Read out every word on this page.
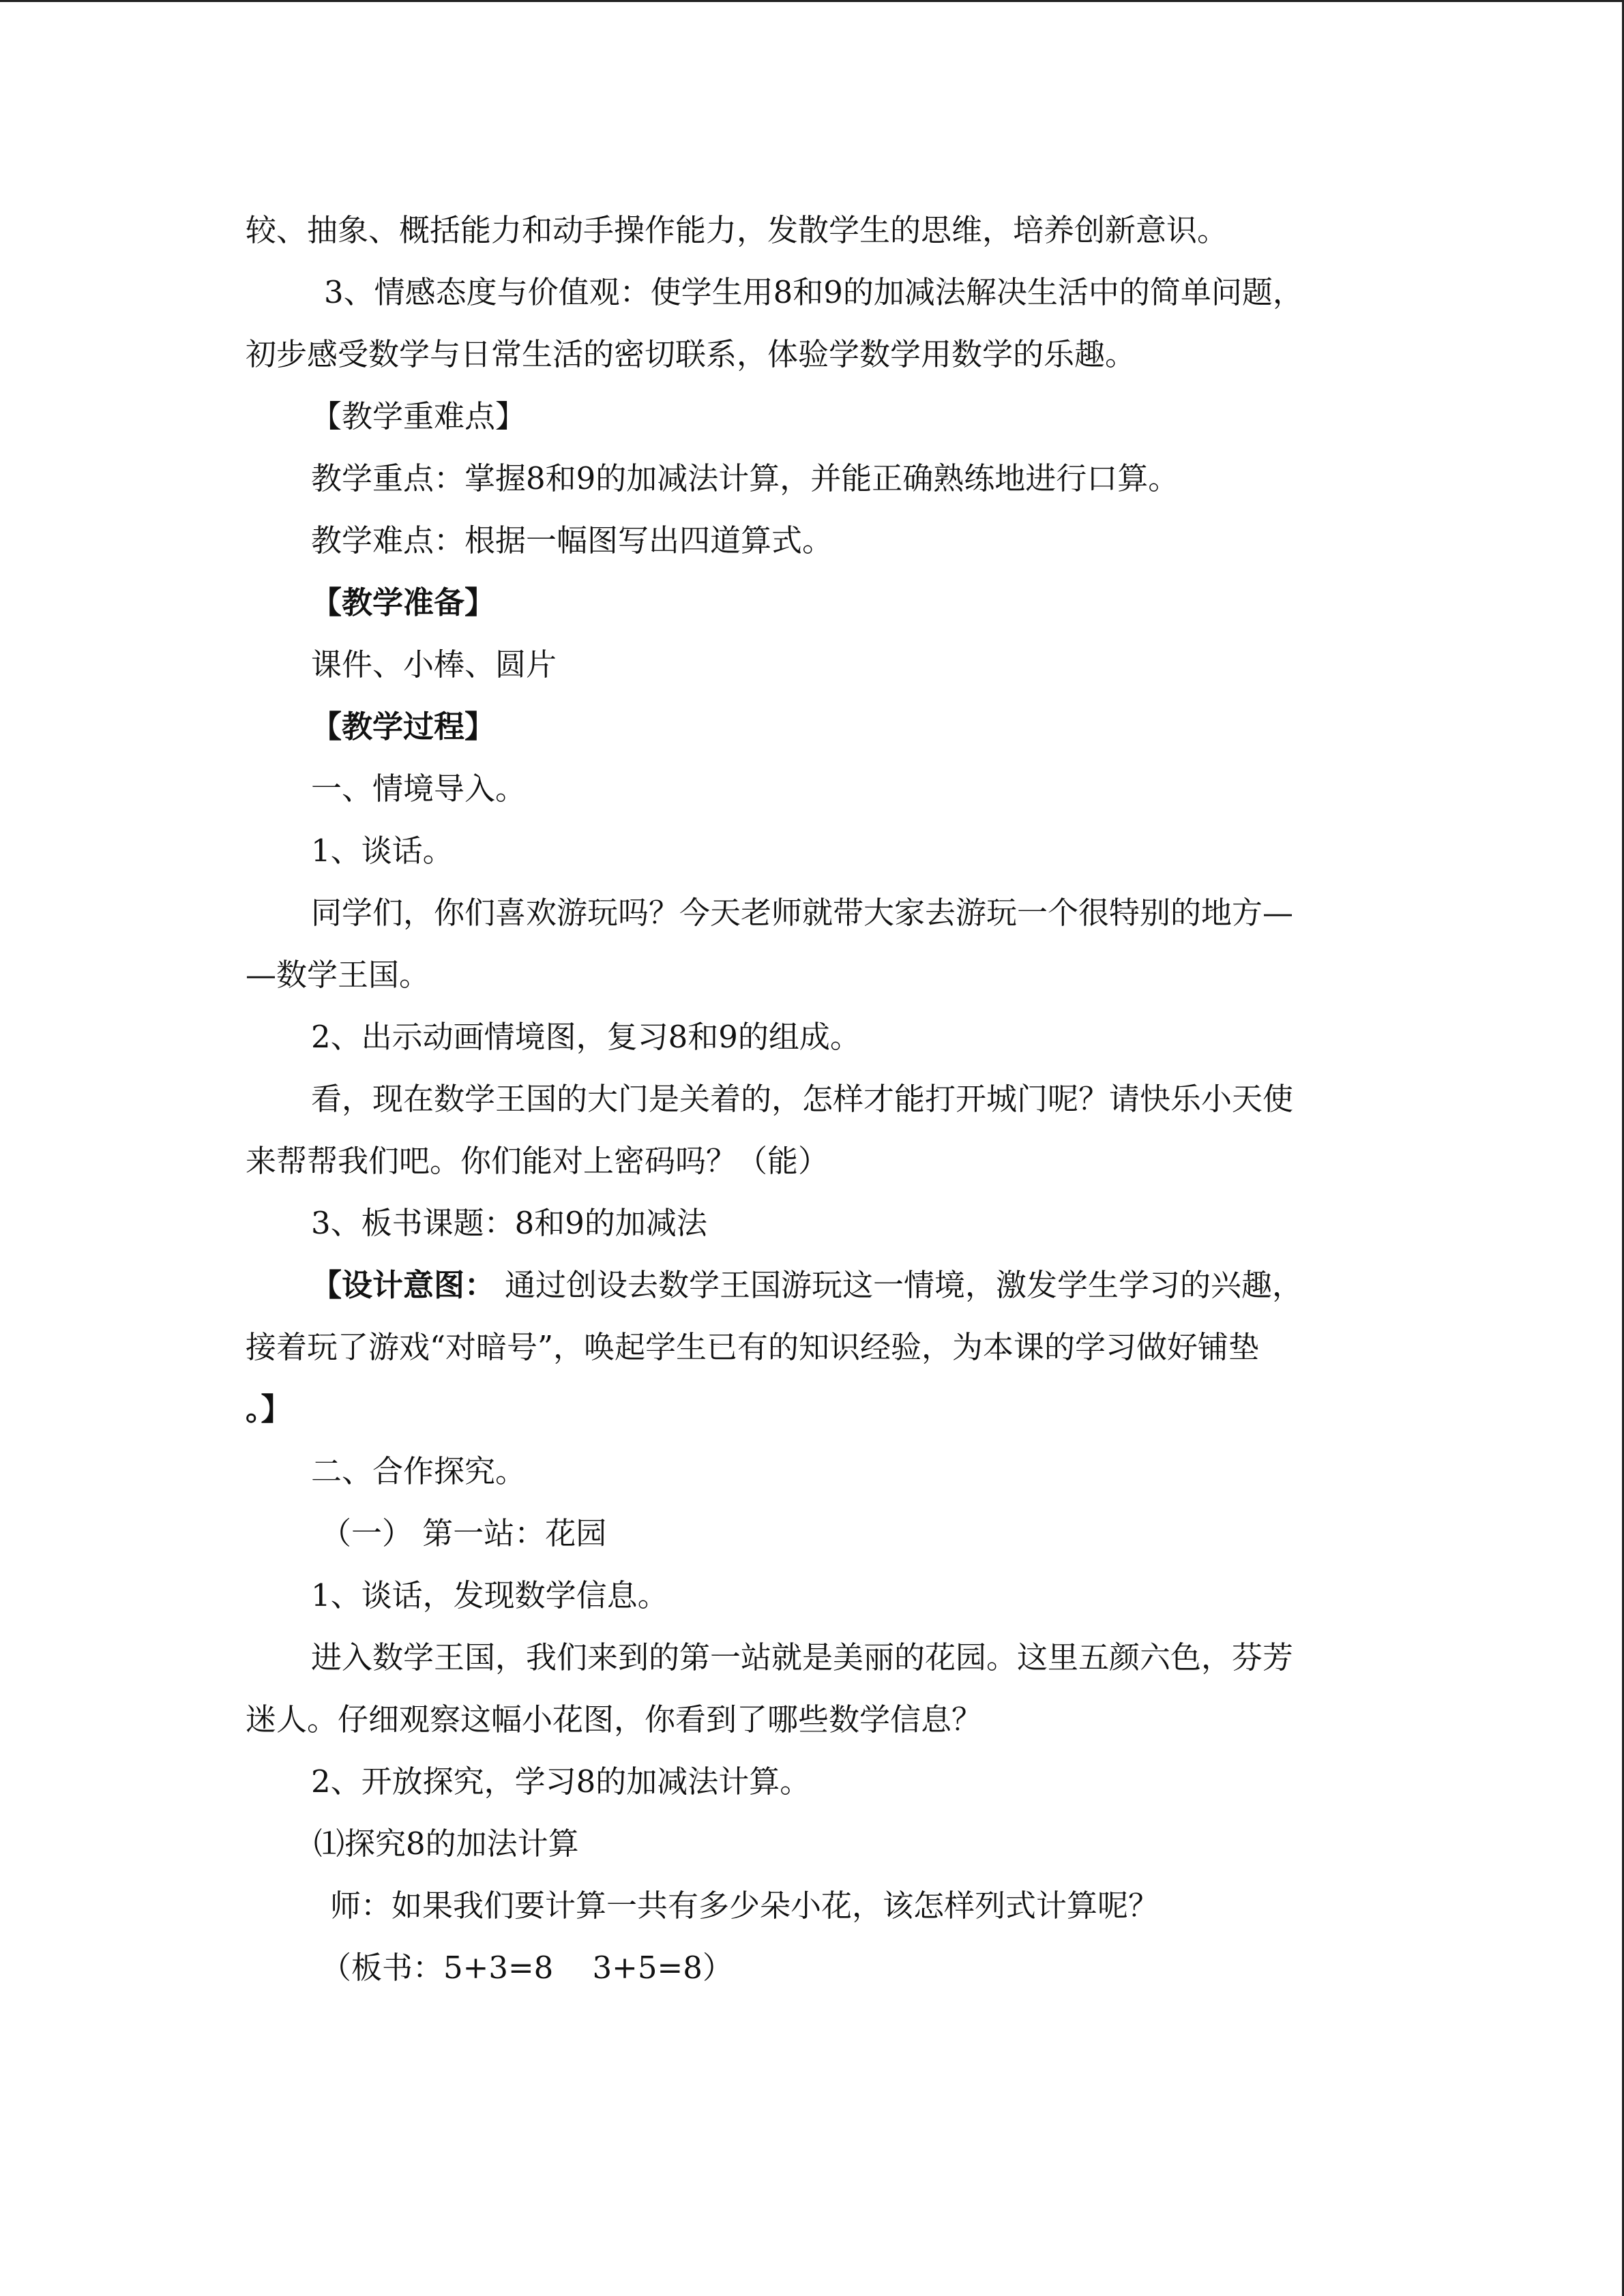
较、抽象、概括能力和动手操作能力，发散学生的思维，培养创新意识。
3、情感态度与价值观：使学生用8和9的加减法解决生活中的简单问题，
初步感受数学与日常生活的密切联系，体验学数学用数学的乐趣。
【教学重难点】
教学重点：掌握8和9的加减法计算，并能正确熟练地进行口算。
教学难点：根据一幅图写出四道算式。
【教学准备】
课件、小棒、圆片
【教学过程】
一、情境导入。
1、谈话。
同学们，你们喜欢游玩吗？今天老师就带大家去游玩一个很特别的地方—
—数学王国。
2、出示动画情境图，复习8和9的组成。
看，现在数学王国的大门是关着的，怎样才能打开城门呢？请快乐小天使
来帮帮我们吧。你们能对上密码吗？（能）
3、板书课题：8和9的加减法
【设计意图： 通过创设去数学王国游玩这一情境，激发学生学习的兴趣，
接着玩了游戏“对暗号”，唤起学生已有的知识经验，为本课的学习做好铺垫
。】
二、合作探究。
（一） 第一站：花园
1、谈话，发现数学信息。
进入数学王国，我们来到的第一站就是美丽的花园。这里五颜六色，芬芳
迷人。仔细观察这幅小花图，你看到了哪些数学信息？
2、开放探究，学习8的加减法计算。
⑴探究8的加法计算
师：如果我们要计算一共有多少朵小花，该怎样列式计算呢？
（板书：5+3=8    3+5=8）
